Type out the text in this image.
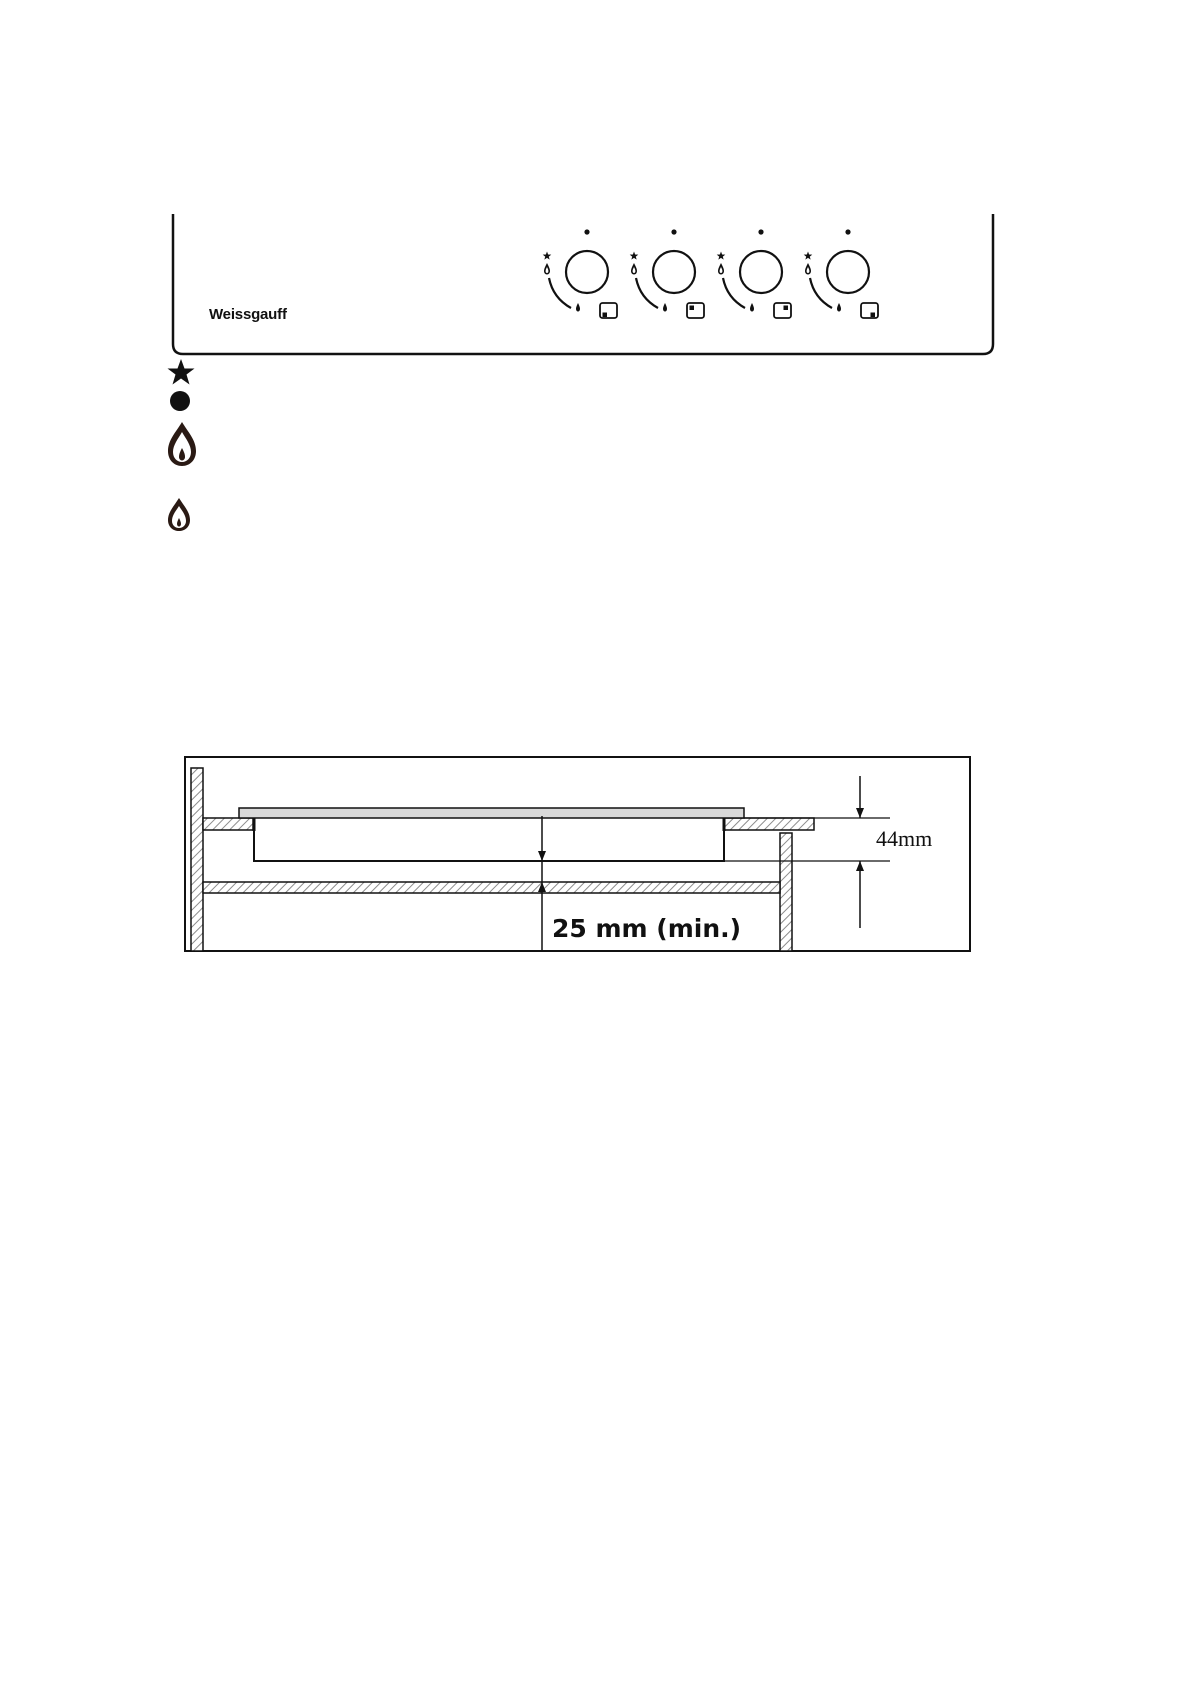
Weissgauff
44mm
25 mm (min.)
